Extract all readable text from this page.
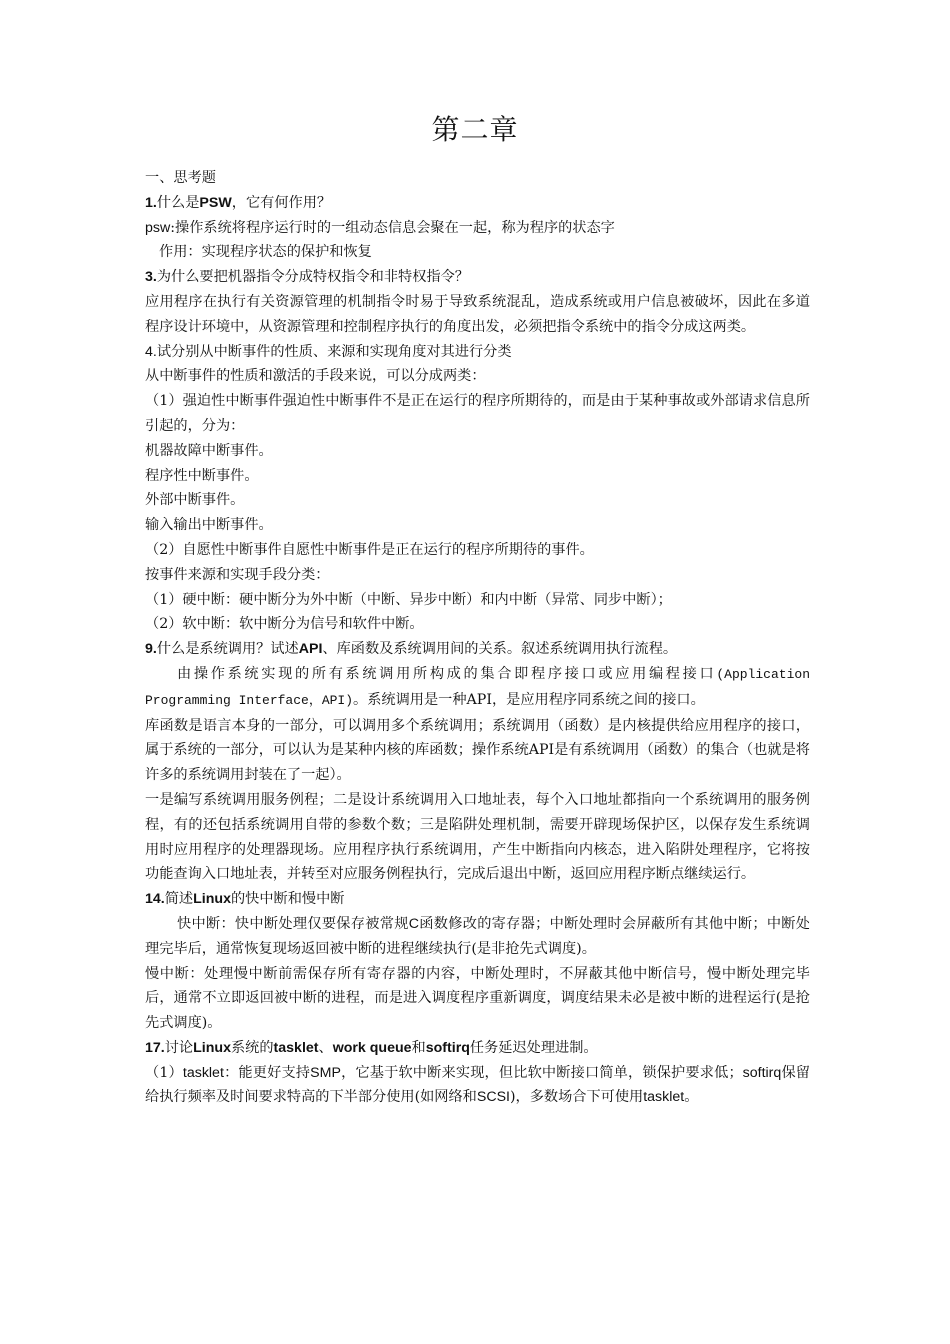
第二章

一、思考题

1.什么是PSW，它有何作用？

psw:操作系统将程序运行时的一组动态信息会聚在一起，称为程序的状态字

作用：实现程序状态的保护和恢复

3.为什么要把机器指令分成特权指令和非特权指令？

应用程序在执行有关资源管理的机制指令时易于导致系统混乱，造成系统或用户信息被破坏，因此在多道程序设计环境中，从资源管理和控制程序执行的角度出发，必须把指令系统中的指令分成这两类。

4.试分别从中断事件的性质、来源和实现角度对其进行分类

从中断事件的性质和激活的手段来说，可以分成两类：

（1）强迫性中断事件强迫性中断事件不是正在运行的程序所期待的，而是由于某种事故或外部请求信息所引起的，分为：

机器故障中断事件。

程序性中断事件。

外部中断事件。

输入输出中断事件。

（2）自愿性中断事件自愿性中断事件是正在运行的程序所期待的事件。

按事件来源和实现手段分类：

（1）硬中断：硬中断分为外中断（中断、异步中断）和内中断（异常、同步中断）；

（2）软中断：软中断分为信号和软件中断。

9.什么是系统调用？试述API、库函数及系统调用间的关系。叙述系统调用执行流程。

由操作系统实现的所有系统调用所构成的集合即程序接口或应用编程接口(Application Programming Interface，API)。系统调用是一种API，是应用程序同系统之间的接口。

库函数是语言本身的一部分，可以调用多个系统调用；系统调用（函数）是内核提供给应用程序的接口，属于系统的一部分，可以认为是某种内核的库函数；操作系统API是有系统调用（函数）的集合（也就是将许多的系统调用封装在了一起）。

一是编写系统调用服务例程；二是设计系统调用入口地址表，每个入口地址都指向一个系统调用的服务例程，有的还包括系统调用自带的参数个数；三是陷阱处理机制，需要开辟现场保护区，以保存发生系统调用时应用程序的处理器现场。应用程序执行系统调用，产生中断指向内核态，进入陷阱处理程序，它将按功能查询入口地址表，并转至对应服务例程执行，完成后退出中断，返回应用程序断点继续运行。

14.简述Linux的快中断和慢中断

快中断：快中断处理仅要保存被常规C函数修改的寄存器；中断处理时会屏蔽所有其他中断；中断处理完毕后，通常恢复现场返回被中断的进程继续执行(是非抢先式调度)。

慢中断：处理慢中断前需保存所有寄存器的内容，中断处理时，不屏蔽其他中断信号，慢中断处理完毕后，通常不立即返回被中断的进程，而是进入调度程序重新调度，调度结果未必是被中断的进程运行(是抢先式调度)。

17.讨论Linux系统的tasklet、work queue和softirq任务延迟处理进制。

（1）tasklet：能更好支持SMP，它基于软中断来实现，但比软中断接口简单，锁保护要求低；softirq保留给执行频率及时间要求特高的下半部分使用(如网络和SCSI)，多数场合下可使用tasklet。
